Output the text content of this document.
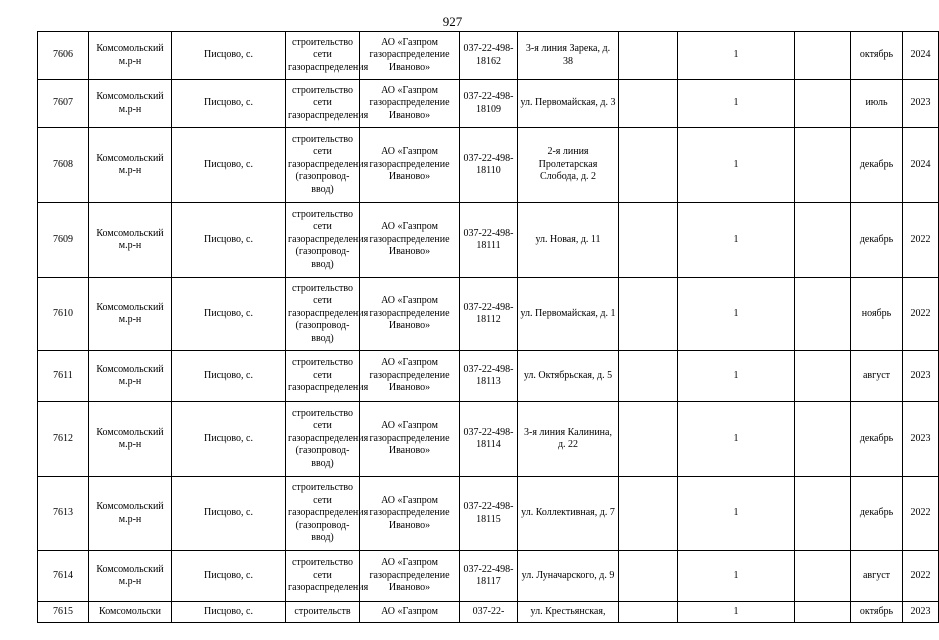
927
7606	Комсомольский м.р-н	Писцово, с.	строительство сети газораспределения	АО «Газпром газораспределение Иваново»	037-22-498-18162	3-я линия Зарека, д. 38		1		октябрь	2024
7607	Комсомольский м.р-н	Писцово, с.	строительство сети газораспределения	АО «Газпром газораспределение Иваново»	037-22-498-18109	ул. Первомайская, д. 3		1		июль	2023
7608	Комсомольский м.р-н	Писцово, с.	строительство сети газораспределения (газопровод-ввод)	АО «Газпром газораспределение Иваново»	037-22-498-18110	2-я линия Пролетарская Слобода, д. 2		1		декабрь	2024
7609	Комсомольский м.р-н	Писцово, с.	строительство сети газораспределения (газопровод-ввод)	АО «Газпром газораспределение Иваново»	037-22-498-18111	ул. Новая, д. 11		1		декабрь	2022
7610	Комсомольский м.р-н	Писцово, с.	строительство сети газораспределения (газопровод-ввод)	АО «Газпром газораспределение Иваново»	037-22-498-18112	ул. Первомайская, д. 1		1		ноябрь	2022
7611	Комсомольский м.р-н	Писцово, с.	строительство сети газораспределения	АО «Газпром газораспределение Иваново»	037-22-498-18113	ул. Октябрьская, д. 5		1		август	2023
7612	Комсомольский м.р-н	Писцово, с.	строительство сети газораспределения (газопровод-ввод)	АО «Газпром газораспределение Иваново»	037-22-498-18114	3-я линия Калинина, д. 22		1		декабрь	2023
7613	Комсомольский м.р-н	Писцово, с.	строительство сети газораспределения (газопровод-ввод)	АО «Газпром газораспределение Иваново»	037-22-498-18115	ул. Коллективная, д. 7		1		декабрь	2022
7614	Комсомольский м.р-н	Писцово, с.	строительство сети газораспределения	АО «Газпром газораспределение Иваново»	037-22-498-18117	ул. Луначарского, д. 9		1		август	2022
7615	Комсомольски	Писцово, с.	строительств	АО «Газпром	037-22-	ул. Крестьянская,		1		октябрь	2023
